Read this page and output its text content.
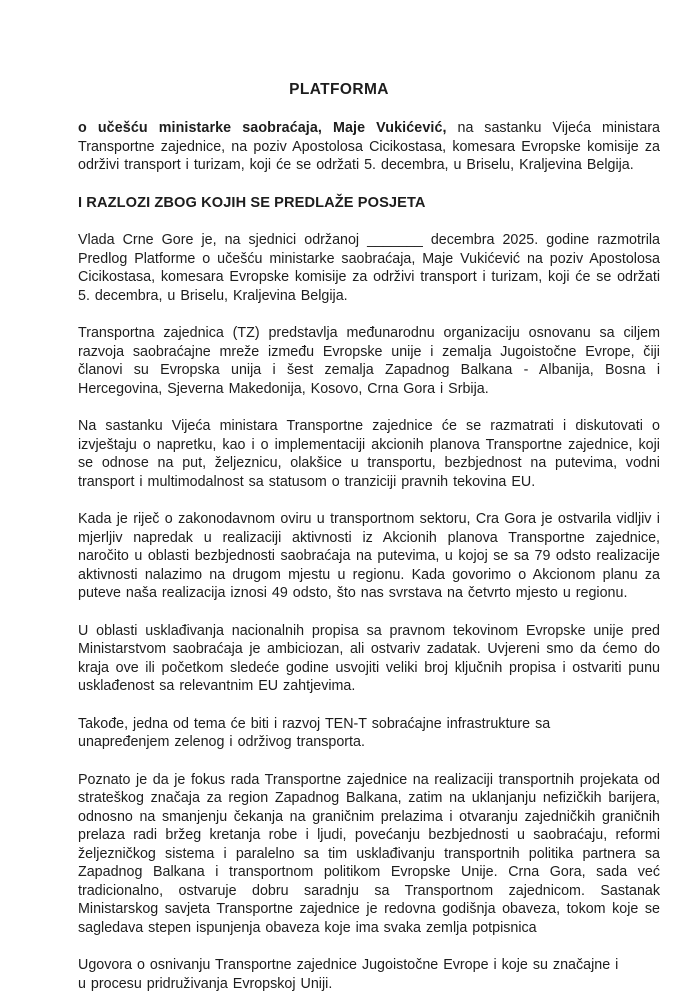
PLATFORMA

o učešću ministarke saobraćaja, Maje Vukićević, na sastanku Vijeća ministara Transportne zajednice, na poziv Apostolosa Cicikostasa, komesara Evropske komisije za održivi transport i turizam, koji će se održati 5. decembra, u Briselu, Kraljevina Belgija.

I RAZLOZI ZBOG KOJIH SE PREDLAŽE POSJETA

Vlada Crne Gore je, na sjednici održanoj _______ decembra 2025. godine razmotrila Predlog Platforme o učešću ministarke saobraćaja, Maje Vukićević na poziv Apostolosa Cicikostasa, komesara Evropske komisije za održivi transport i turizam, koji će se održati 5. decembra, u Briselu, Kraljevina Belgija.

Transportna zajednica (TZ) predstavlja međunarodnu organizaciju osnovanu sa ciljem razvoja saobraćajne mreže između Evropske unije i zemalja Jugoistočne Evrope, čiji članovi su Evropska unija i šest zemalja Zapadnog Balkana - Albanija, Bosna i Hercegovina, Sjeverna Makedonija, Kosovo, Crna Gora i Srbija.

Na sastanku Vijeća ministara Transportne zajednice će se razmatrati i diskutovati o izvještaju o napretku, kao i o implementaciji akcionih planova Transportne zajednice, koji se odnose na put, željeznicu, olakšice u transportu, bezbjednost na putevima, vodni transport i multimodalnost sa statusom o tranziciji pravnih tekovina EU.

Kada je riječ o zakonodavnom oviru u transportnom sektoru, Cra Gora je ostvarila vidljiv i mjerljiv napredak u realizaciji aktivnosti iz Akcionih planova Transportne zajednice, naročito u oblasti bezbjednosti saobraćaja na putevima, u kojoj se sa 79 odsto realizacije aktivnosti nalazimo na drugom mjestu u regionu. Kada govorimo o Akcionom planu za puteve naša realizacija iznosi 49 odsto, što nas svrstava na četvrto mjesto u regionu.

U oblasti usklađivanja nacionalnih propisa sa pravnom tekovinom Evropske unije pred Ministarstvom saobraćaja je ambiciozan, ali ostvariv zadatak. Uvjereni smo da ćemo do kraja ove ili početkom sledeće godine usvojiti veliki broj ključnih propisa i ostvariti punu usklađenost sa relevantnim EU zahtjevima.

Takođe, jedna od tema će biti i razvoj TEN-T sobraćajne infrastrukture sa
unapređenjem zelenog i održivog transporta.

Poznato je da je fokus rada Transportne zajednice na realizaciji transportnih projekata od strateškog značaja za region Zapadnog Balkana, zatim na uklanjanju nefizičkih barijera, odnosno na smanjenju čekanja na graničnim prelazima i otvaranju zajedničkih graničnih prelaza radi bržeg kretanja robe i ljudi, povećanju bezbjednosti u saobraćaju, reformi željezničkog sistema i paralelno sa tim usklađivanju transportnih politika partnera sa Zapadnog Balkana i transportnom politikom Evropske Unije. Crna Gora, sada već tradicionalno, ostvaruje dobru saradnju sa Transportnom zajednicom. Sastanak Ministarskog savjeta Transportne zajednice je redovna godišnja obaveza, tokom koje se sagledava stepen ispunjenja obaveza koje ima svaka zemlja potpisnica

Ugovora o osnivanju Transportne zajednice Jugoistočne Evrope i koje su značajne i
u procesu pridruživanja Evropskoj Uniji.
